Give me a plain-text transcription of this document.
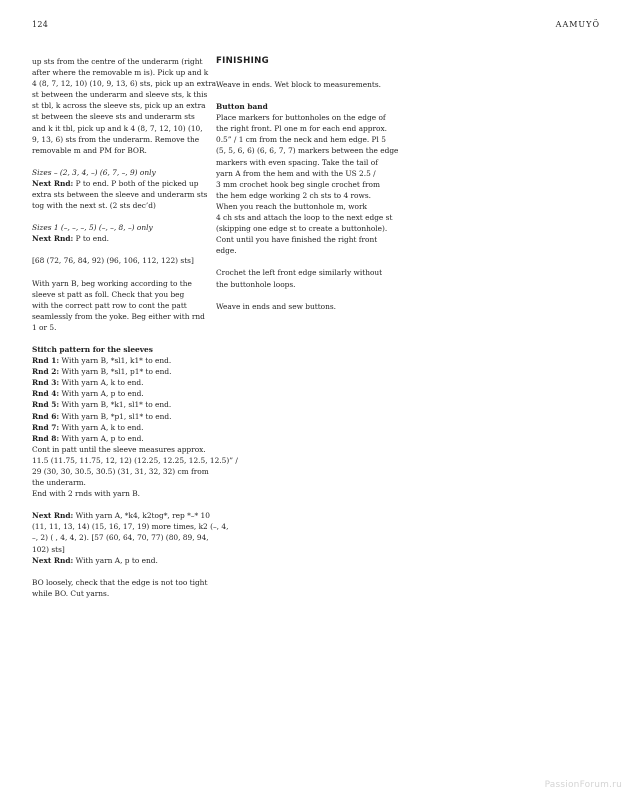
124	AAMUYÖ

up sts from the centre of the underarm (right
after where the removable m is). Pick up and k
4 (8, 7, 12, 10) (10, 9, 13, 6) sts, pick up an extra
st between the underarm and sleeve sts, k this
st tbl, k across the sleeve sts, pick up an extra
st between the sleeve sts and underarm sts
and k it tbl, pick up and k 4 (8, 7, 12, 10) (10,
9, 13, 6) sts from the underarm. Remove the
removable m and PM for BOR.

Sizes – (2, 3, 4, –) (6, 7, –, 9) only
Next Rnd: P to end. P both of the picked up
extra sts between the sleeve and underarm sts
tog with the next st. (2 sts dec’d)

Sizes 1 (–, –, –, 5) (–, –, 8, –) only
Next Rnd: P to end.

[68 (72, 76, 84, 92) (96, 106, 112, 122) sts]

With yarn B, beg working according to the
sleeve st patt as foll. Check that you beg
with the correct patt row to cont the patt
seamlessly from the yoke. Beg either with rnd
1 or 5.

Stitch pattern for the sleeves
Rnd 1: With yarn B, *sl1, k1* to end.
Rnd 2: With yarn B, *sl1, p1* to end.
Rnd 3: With yarn A, k to end.
Rnd 4: With yarn A, p to end.
Rnd 5: With yarn B, *k1, sl1* to end.
Rnd 6: With yarn B, *p1, sl1* to end.
Rnd 7: With yarn A, k to end.
Rnd 8: With yarn A, p to end.
Cont in patt until the sleeve measures approx.
11.5 (11.75, 11.75, 12, 12) (12.25, 12.25, 12.5, 12.5)” /
29 (30, 30, 30.5, 30.5) (31, 31, 32, 32) cm from
the underarm.
End with 2 rnds with yarn B.

Next Rnd: With yarn A, *k4, k2tog*, rep *–* 10
(11, 11, 13, 14) (15, 16, 17, 19) more times, k2 (–, 4,
–, 2) ( , 4, 4, 2). [57 (60, 64, 70, 77) (80, 89, 94,
102) sts]
Next Rnd: With yarn A, p to end.

BO loosely, check that the edge is not too tight
while BO. Cut yarns.

FINISHING

Weave in ends. Wet block to measurements.

Button band

Place markers for buttonholes on the edge of
the right front. Pl one m for each end approx.
0.5” / 1 cm from the neck and hem edge. Pl 5
(5, 5, 6, 6) (6, 6, 7, 7) markers between the edge
markers with even spacing. Take the tail of
yarn A from the hem and with the US 2.5 /
3 mm crochet hook beg single crochet from
the hem edge working 2 ch sts to 4 rows.
When you reach the buttonhole m, work
4 ch sts and attach the loop to the next edge st
(skipping one edge st to create a buttonhole).
Cont until you have finished the right front
edge.

Crochet the left front edge similarly without
the buttonhole loops.

Weave in ends and sew buttons.

PassionForum.ru
